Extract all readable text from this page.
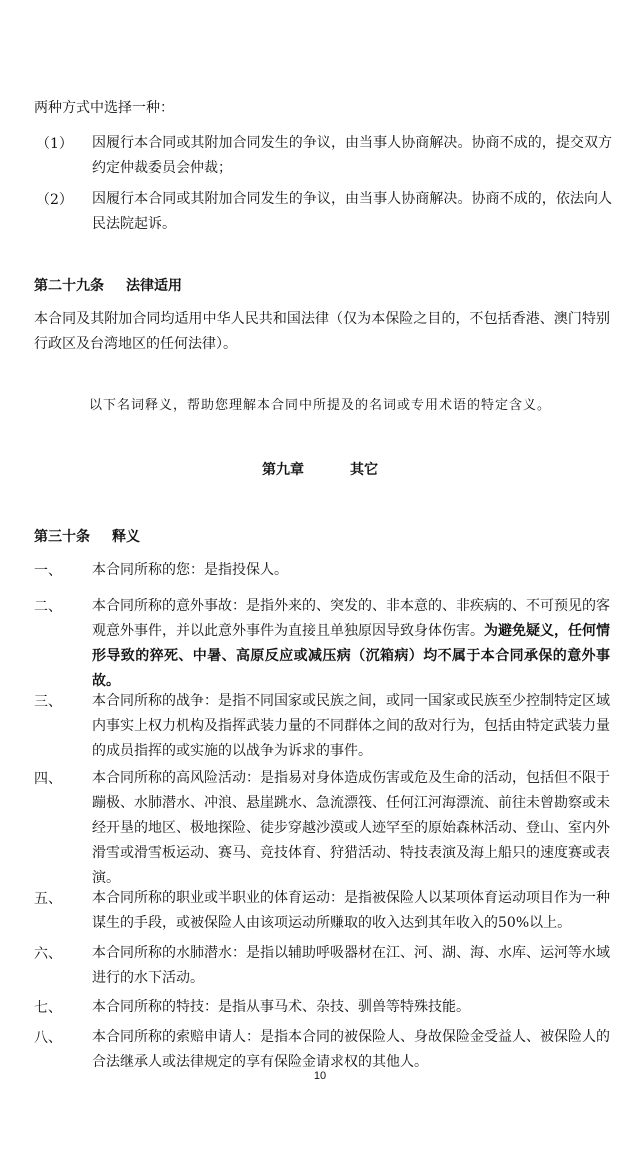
两种方式中选择一种：
（1） 因履行本合同或其附加合同发生的争议，由当事人协商解决。协商不成的，提交双方约定仲裁委员会仲裁；
（2） 因履行本合同或其附加合同发生的争议，由当事人协商解决。协商不成的，依法向人民法院起诉。
第二十九条 法律适用
本合同及其附加合同均适用中华人民共和国法律（仅为本保险之目的，不包括香港、澳门特别行政区及台湾地区的任何法律）。
以下名词释义，帮助您理解本合同中所提及的名词或专用术语的特定含义。
第九章	其它
第三十条 释义
一、 本合同所称的您：是指投保人。
二、 本合同所称的意外事故：是指外来的、突发的、非本意的、非疾病的、不可预见的客观意外事件，并以此意外事件为直接且单独原因导致身体伤害。为避免疑义，任何情形导致的猝死、中暑、高原反应或减压病（沉箱病）均不属于本合同承保的意外事故。
三、 本合同所称的战争：是指不同国家或民族之间，或同一国家或民族至少控制特定区域内事实上权力机构及指挥武装力量的不同群体之间的敌对行为，包括由特定武装力量的成员指挥的或实施的以战争为诉求的事件。
四、 本合同所称的高风险活动：是指易对身体造成伤害或危及生命的活动，包括但不限于蹦极、水肺潜水、冲浪、悬崖跳水、急流漂筏、任何江河海漂流、前往未曾勘察或未经开垦的地区、极地探险、徒步穿越沙漠或人迹罕至的原始森林活动、登山、室内外滑雪或滑雪板运动、赛马、竞技体育、狩猎活动、特技表演及海上船只的速度赛或表演。
五、 本合同所称的职业或半职业的体育运动：是指被保险人以某项体育运动项目作为一种谋生的手段，或被保险人由该项运动所赚取的收入达到其年收入的50%以上。
六、 本合同所称的水肺潜水：是指以辅助呼吸器材在江、河、湖、海、水库、运河等水域进行的水下活动。
七、 本合同所称的特技：是指从事马术、杂技、驯兽等特殊技能。
八、 本合同所称的索赔申请人：是指本合同的被保险人、身故保险金受益人、被保险人的合法继承人或法律规定的享有保险金请求权的其他人。
10
